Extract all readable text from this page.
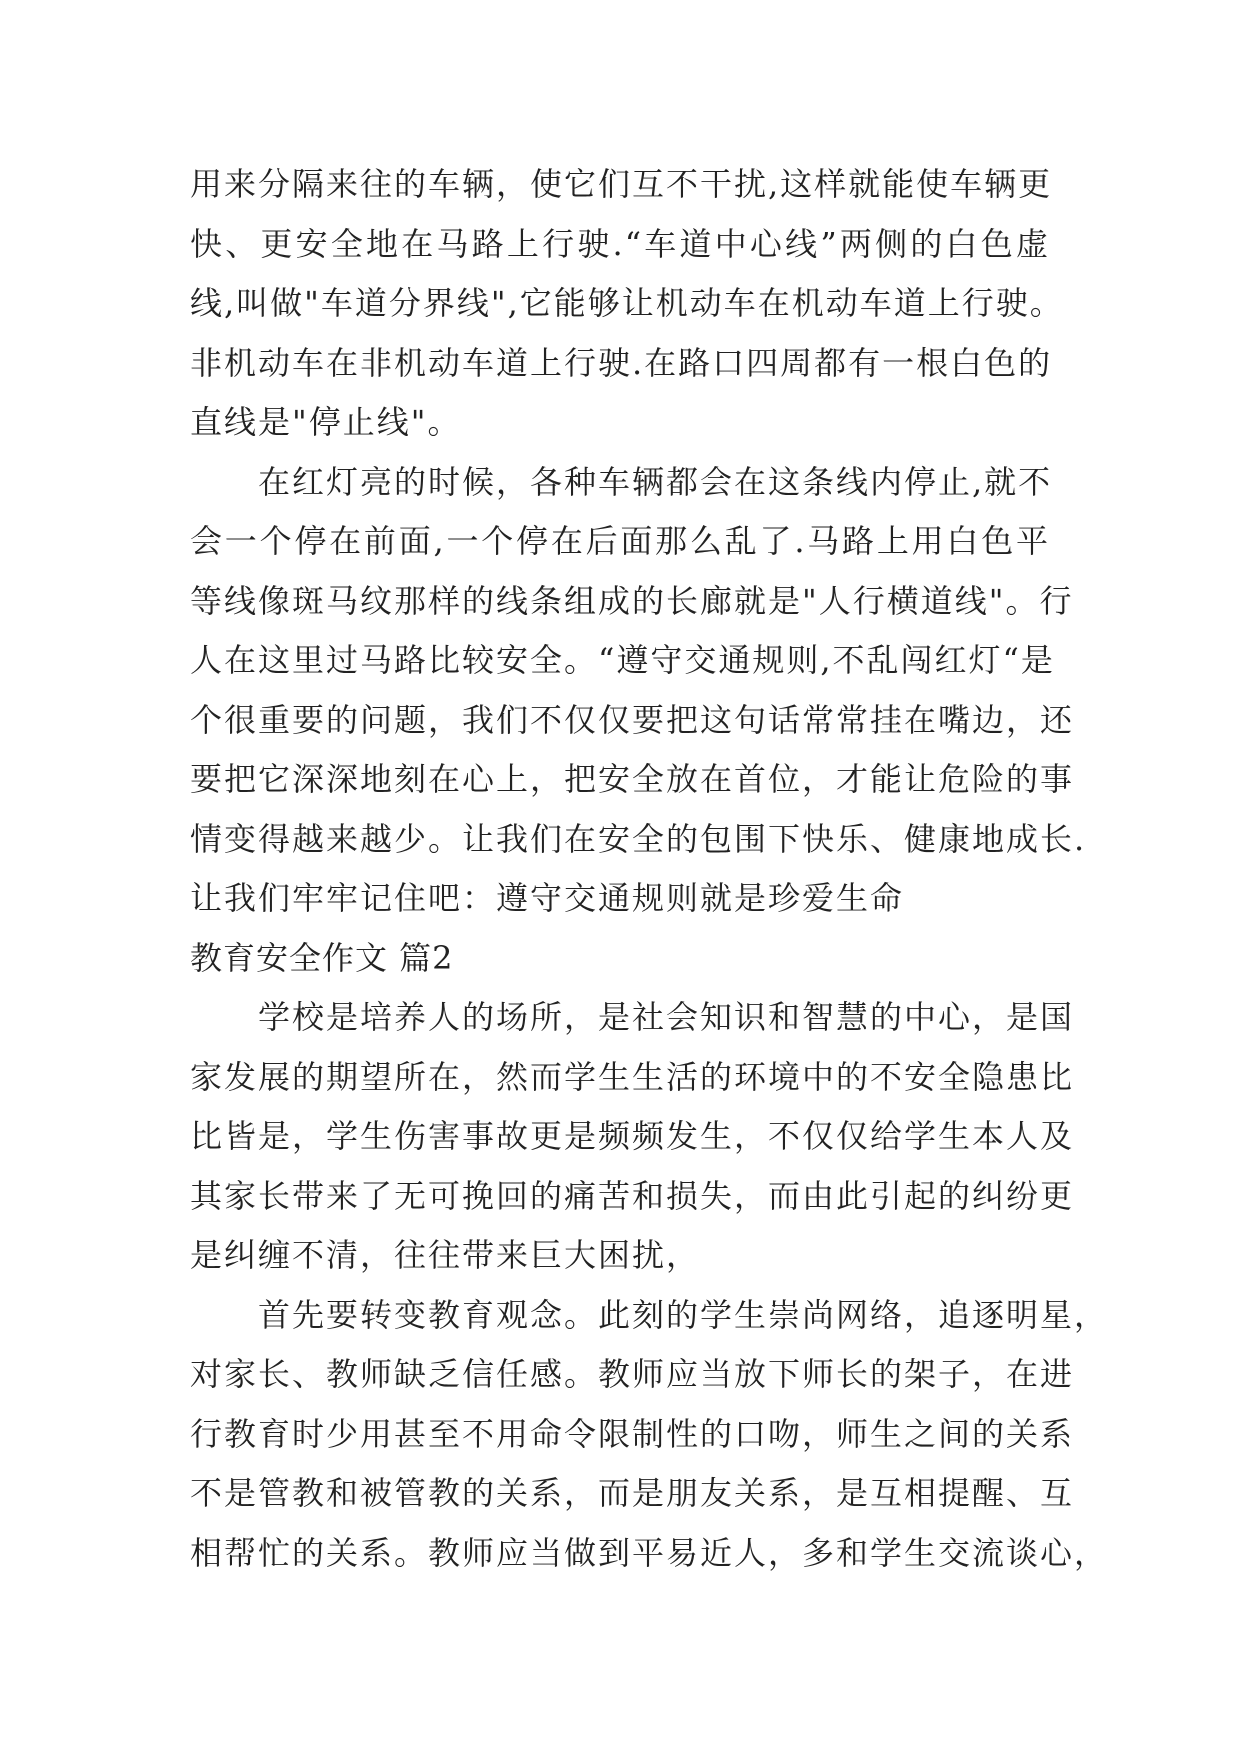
用来分隔来往的车辆，使它们互不干扰,这样就能使车辆更
快、更安全地在马路上行驶.“车道中心线”两侧的白色虚
线,叫做"车道分界线",它能够让机动车在机动车道上行驶。
非机动车在非机动车道上行驶.在路口四周都有一根白色的
直线是"停止线"。
在红灯亮的时候，各种车辆都会在这条线内停止,就不
会一个停在前面,一个停在后面那么乱了.马路上用白色平
等线像斑马纹那样的线条组成的长廊就是"人行横道线"。行
人在这里过马路比较安全。“遵守交通规则,不乱闯红灯“是
个很重要的问题，我们不仅仅要把这句话常常挂在嘴边，还
要把它深深地刻在心上，把安全放在首位，才能让危险的事
情变得越来越少。让我们在安全的包围下快乐、健康地成长.
让我们牢牢记住吧：遵守交通规则就是珍爱生命
教育安全作文 篇2
学校是培养人的场所，是社会知识和智慧的中心，是国
家发展的期望所在，然而学生生活的环境中的不安全隐患比
比皆是，学生伤害事故更是频频发生，不仅仅给学生本人及
其家长带来了无可挽回的痛苦和损失，而由此引起的纠纷更
是纠缠不清，往往带来巨大困扰，
首先要转变教育观念。此刻的学生崇尚网络，追逐明星，
对家长、教师缺乏信任感。教师应当放下师长的架子，在进
行教育时少用甚至不用命令限制性的口吻，师生之间的关系
不是管教和被管教的关系，而是朋友关系，是互相提醒、互
相帮忙的关系。教师应当做到平易近人，多和学生交流谈心，
